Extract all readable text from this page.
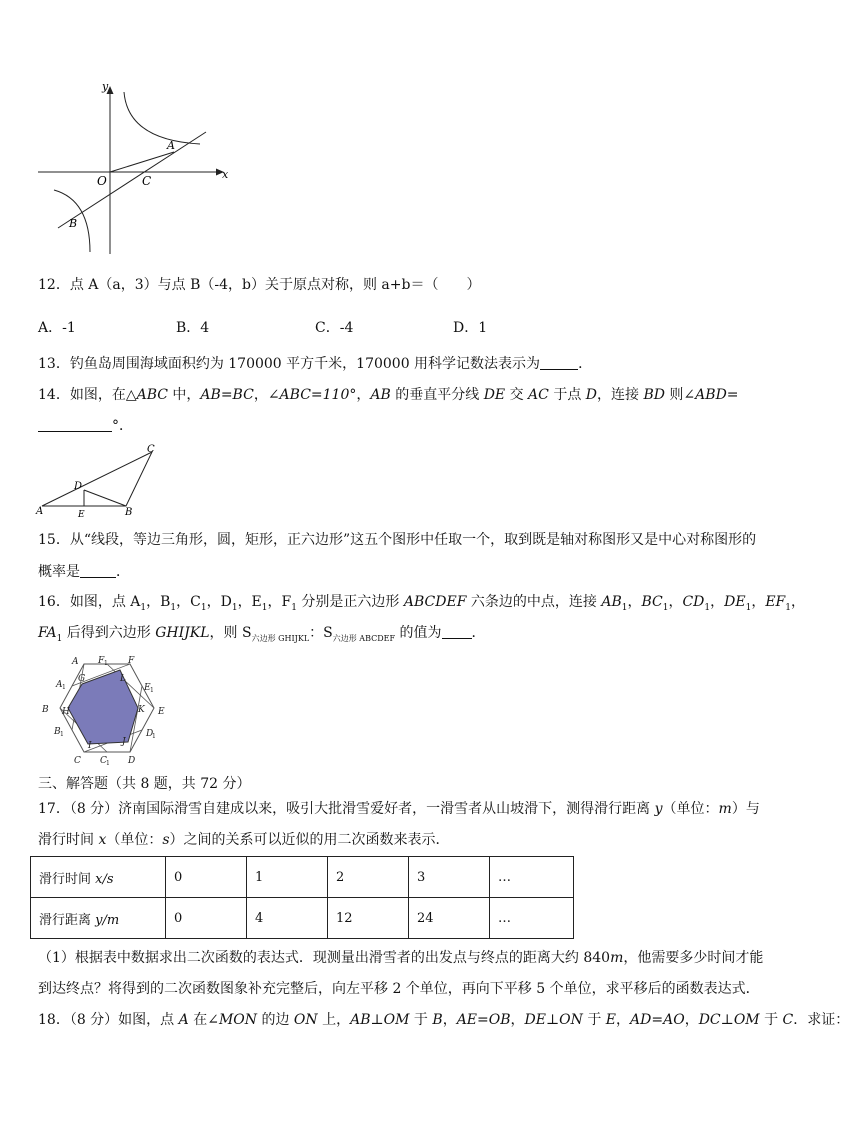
y
x
O	C
A
B
12．点 A（a，3）与点 B（-4，b）关于原点对称，则 a+b＝（　　）
A．-1	B．4	C．-4	D．1
13．钓鱼岛周围海域面积约为 170000 平方千米，170000 用科学记数法表示为	．
14．如图，在△ABC 中，AB=BC，∠ABC=110°，AB 的垂直平分线 DE 交 AC 于点 D，连接 BD 则∠ABD=
°．
A	B
C
D
E
15．从“线段，等边三角形，圆，矩形，正六边形”这五个图形中任取一个，取到既是轴对称图形又是中心对称图形的
概率是	．
16．如图，点 $A_1$，$B_1$，$C_1$，$D_1$，$E_1$，$F_1$ 分别是正六边形 ABCDEF 六条边的中点，连接 $AB_1$，$BC_1$，$CD_1$，$DE_1$，$EF_1$，
$FA_1$ 后得到六边形 GHIJKL，则 $S_{六边形 GHIJKL}$：$S_{六边形 ABCDEF}$ 的值为 ．
A F 1 F
A 1
G	L
E 1
B H	K E
B 1
I	J
D
1
C C 1 D
三、解答题（共 8 题，共 72 分）
17．（8 分）济南国际滑雪自建成以来，吸引大批滑雪爱好者，一滑雪者从山坡滑下，测得滑行距离 y（单位：m）与
滑行时间 x（单位：s）之间的关系可以近似的用二次函数来表示．
滑行时间 x/s	0	1	2	3	…
滑行距离 y/m	0	4	12	24	…
（1）根据表中数据求出二次函数的表达式．现测量出滑雪者的出发点与终点的距离大约 840m，他需要多少时间才能
到达终点？将得到的二次函数图象补充完整后，向左平移 2 个单位，再向下平移 5 个单位，求平移后的函数表达式．
18．（8 分）如图，点 A 在∠MON 的边 ON 上，AB⊥OM 于 B，AE=OB，DE⊥ON 于 E，AD=AO，DC⊥OM 于 C．求证：
